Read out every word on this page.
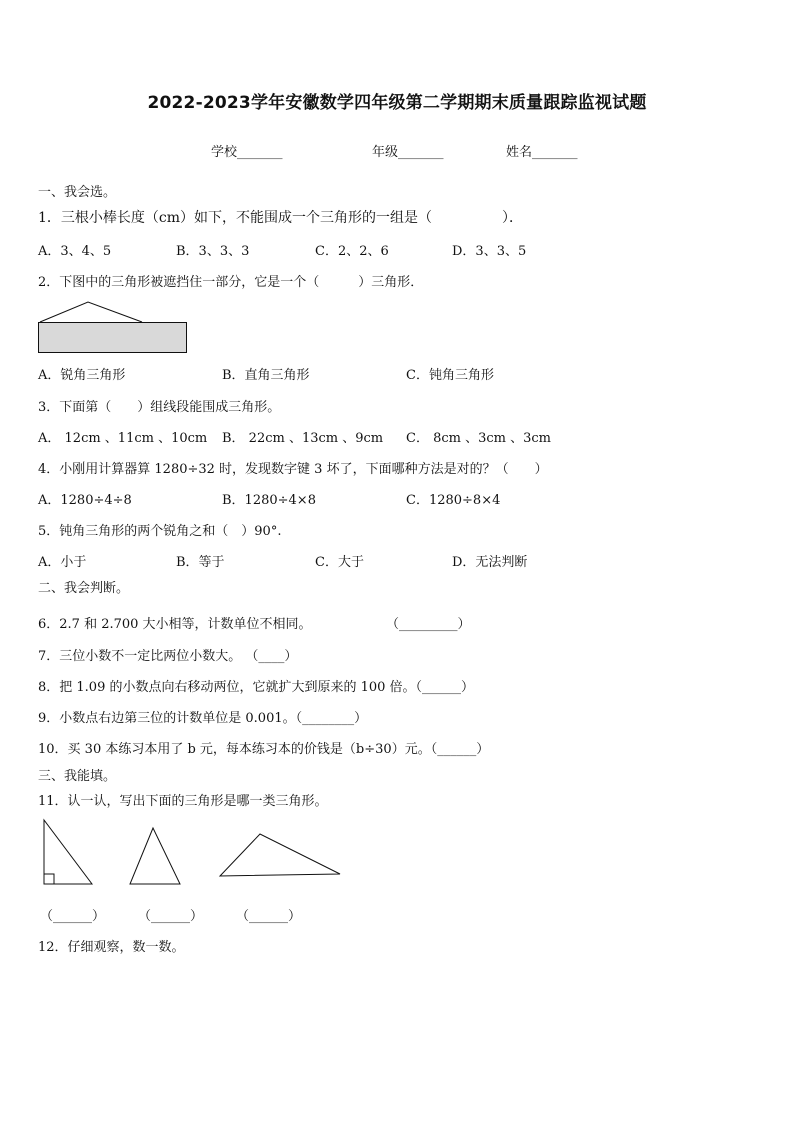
2022-2023学年安徽数学四年级第二学期期末质量跟踪监视试题
学校_______	年级_______	姓名_______
一、我会选。
1．三根小棒长度（cm）如下，不能围成一个三角形的一组是（　　　　　）．
A．3、4、5	B．3、3、3	C．2、2、6	D．3、3、5
2．下图中的三角形被遮挡住一部分，它是一个（　　　）三角形．
A．锐角三角形	B．直角三角形	C．钝角三角形
3．下面第（　　）组线段能围成三角形。
A． 12cm 、11cm 、10cm B． 22cm 、13cm 、9cm C． 8cm 、3cm 、3cm
4．小刚用计算器算 1280÷32 时，发现数字键 3 坏了，下面哪种方法是对的？（　　）
A．1280÷4÷8	B．1280÷4×8	C．1280÷8×4
5．钝角三角形的两个锐角之和（　）90°.
A．小于	B．等于	C．大于	D．无法判断
二、我会判断。
6．2.7 和 2.700 大小相等，计数单位不相同。	（_________）
7．三位小数不一定比两位小数大。 （____）
8．把 1.09 的小数点向右移动两位，它就扩大到原来的 100 倍。（______）
9．小数点右边第三位的计数单位是 0.001。（________）
10．买 30 本练习本用了 b 元，每本练习本的价钱是（b÷30）元。（______）
三、我能填。
11．认一认，写出下面的三角形是哪一类三角形。
（______）	（______）	（______）
12．仔细观察，数一数。
